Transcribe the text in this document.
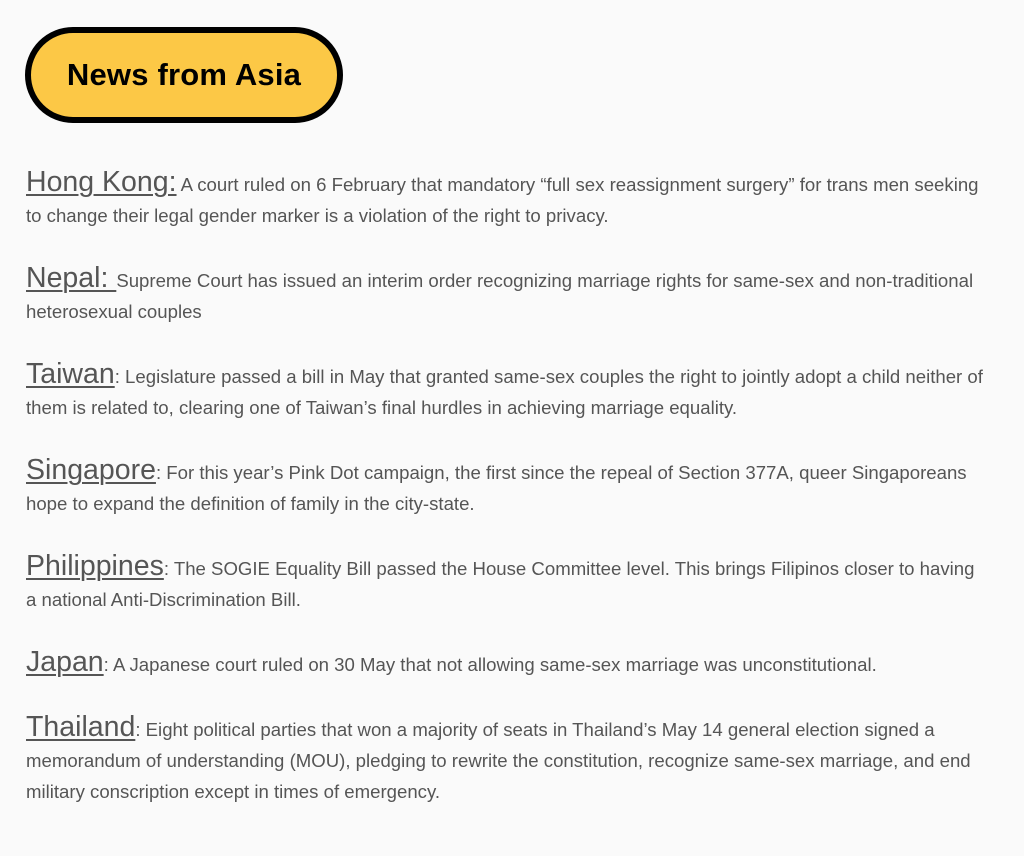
News from Asia

Hong Kong: A court ruled on 6 February that mandatory “full sex reassignment surgery” for trans men seeking to change their legal gender marker is a violation of the right to privacy.

Nepal: Supreme Court has issued an interim order recognizing marriage rights for same-sex and non-traditional heterosexual couples

Taiwan: Legislature passed a bill in May that granted same-sex couples the right to jointly adopt a child neither of them is related to, clearing one of Taiwan’s final hurdles in achieving marriage equality.

Singapore: For this year’s Pink Dot campaign, the first since the repeal of Section 377A, queer Singaporeans hope to expand the definition of family in the city-state.

Philippines: The SOGIE Equality Bill passed the House Committee level. This brings Filipinos closer to having a national Anti-Discrimination Bill.

Japan: A Japanese court ruled on 30 May that not allowing same-sex marriage was unconstitutional.

Thailand: Eight political parties that won a majority of seats in Thailand’s May 14 general election signed a memorandum of understanding (MOU), pledging to rewrite the constitution, recognize same-sex marriage, and end military conscription except in times of emergency.
